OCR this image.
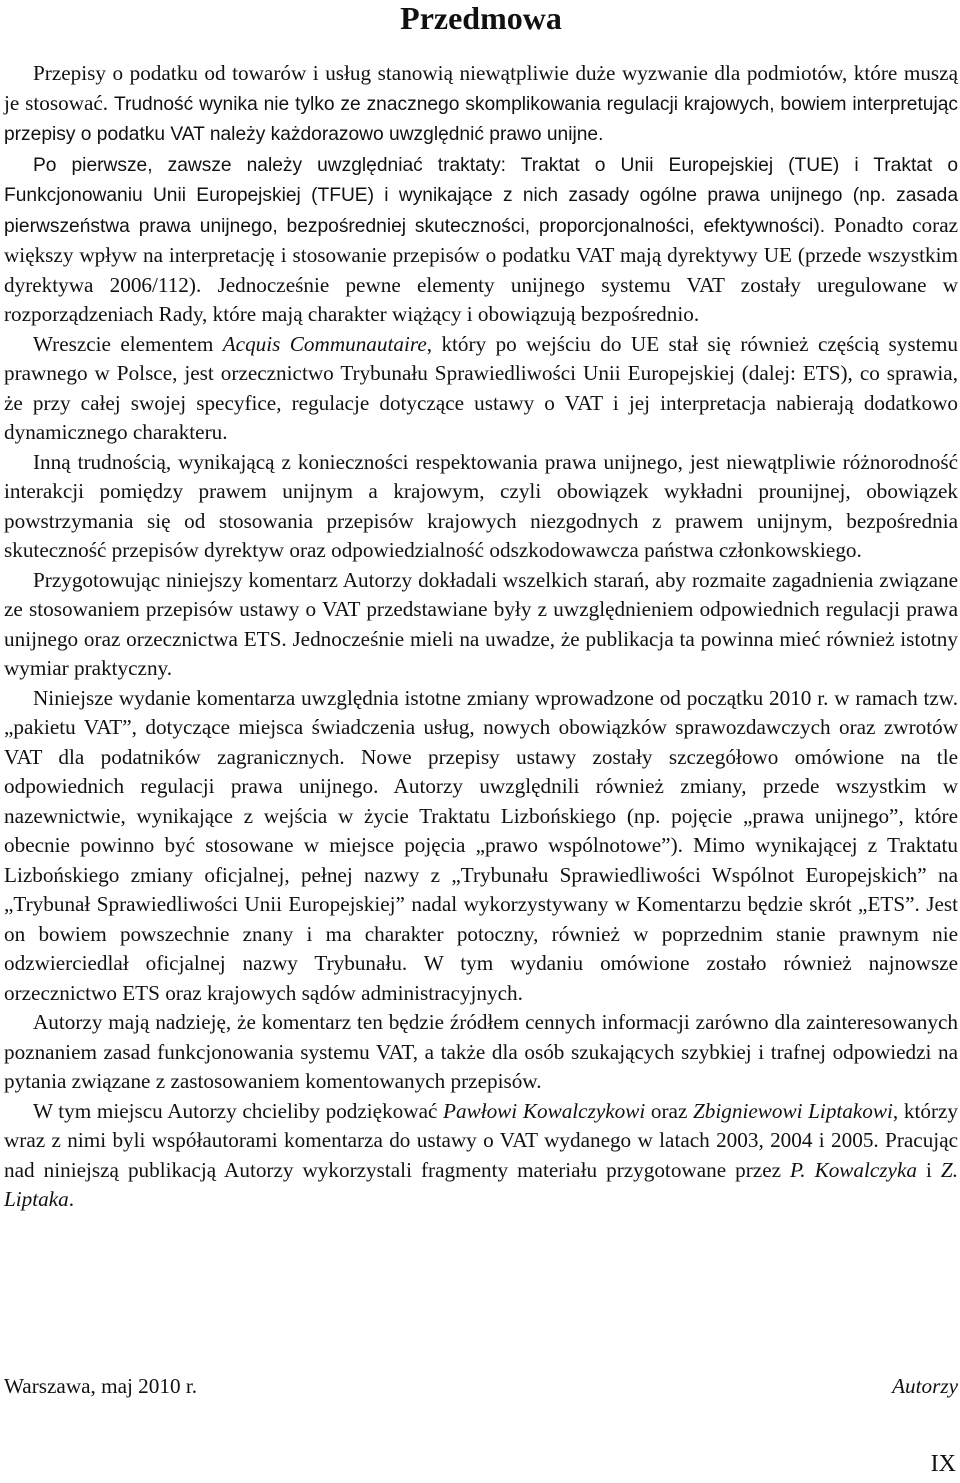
Przedmowa

Przepisy o podatku od towarów i usług stanowią niewątpliwie duże wyzwanie dla podmiotów, które muszą je stosować. Trudność wynika nie tylko ze znacznego skomplikowania regulacji krajowych, bowiem interpretując przepisy o podatku VAT należy każdorazowo uwzględnić prawo unijne.

Po pierwsze, zawsze należy uwzględniać traktaty: Traktat o Unii Europejskiej (TUE) i Traktat o Funkcjonowaniu Unii Europejskiej (TFUE) i wynikające z nich zasady ogólne prawa unijnego (np. zasada pierwszeństwa prawa unijnego, bezpośredniej skuteczności, proporcjonalności, efektywności). Ponadto coraz większy wpływ na interpretację i stosowanie przepisów o podatku VAT mają dyrektywy UE (przede wszystkim dyrektywa 2006/112). Jednocześnie pewne elementy unijnego systemu VAT zostały uregulowane w rozporządzeniach Rady, które mają charakter wiążący i obowiązują bezpośrednio.

Wreszcie elementem Acquis Communautaire, który po wejściu do UE stał się również częścią systemu prawnego w Polsce, jest orzecznictwo Trybunału Sprawiedliwości Unii Europejskiej (dalej: ETS), co sprawia, że przy całej swojej specyfice, regulacje dotyczące ustawy o VAT i jej interpretacja nabierają dodatkowo dynamicznego charakteru.

Inną trudnością, wynikającą z konieczności respektowania prawa unijnego, jest niewątpliwie różnorodność interakcji pomiędzy prawem unijnym a krajowym, czyli obowiązek wykładni prounijnej, obowiązek powstrzymania się od stosowania przepisów krajowych niezgodnych z prawem unijnym, bezpośrednia skuteczność przepisów dyrektyw oraz odpowiedzialność odszkodowawcza państwa członkowskiego.

Przygotowując niniejszy komentarz Autorzy dokładali wszelkich starań, aby rozmaite zagadnienia związane ze stosowaniem przepisów ustawy o VAT przedstawiane były z uwzględnieniem odpowiednich regulacji prawa unijnego oraz orzecznictwa ETS. Jednocześnie mieli na uwadze, że publikacja ta powinna mieć również istotny wymiar praktyczny.

Niniejsze wydanie komentarza uwzględnia istotne zmiany wprowadzone od początku 2010 r. w ramach tzw. „pakietu VAT”, dotyczące miejsca świadczenia usług, nowych obowiązków sprawozdawczych oraz zwrotów VAT dla podatników zagranicznych. Nowe przepisy ustawy zostały szczegółowo omówione na tle odpowiednich regulacji prawa unijnego. Autorzy uwzględnili również zmiany, przede wszystkim w nazewnictwie, wynikające z wejścia w życie Traktatu Lizbońskiego (np. pojęcie „prawa unijnego”, które obecnie powinno być stosowane w miejsce pojęcia „prawo wspólnotowe”). Mimo wynikającej z Traktatu Lizbońskiego zmiany oficjalnej, pełnej nazwy z „Trybunału Sprawiedliwości Wspólnot Europejskich” na „Trybunał Sprawiedliwości Unii Europejskiej” nadal wykorzystywany w Komentarzu będzie skrót „ETS”. Jest on bowiem powszechnie znany i ma charakter potoczny, również w poprzednim stanie prawnym nie odzwierciedlał oficjalnej nazwy Trybunału. W tym wydaniu omówione zostało również najnowsze orzecznictwo ETS oraz krajowych sądów administracyjnych.

Autorzy mają nadzieję, że komentarz ten będzie źródłem cennych informacji zarówno dla zainteresowanych poznaniem zasad funkcjonowania systemu VAT, a także dla osób szukających szybkiej i trafnej odpowiedzi na pytania związane z zastosowaniem komentowanych przepisów.

W tym miejscu Autorzy chcieliby podziękować Pawłowi Kowalczykowi oraz Zbigniewowi Liptakowi, którzy wraz z nimi byli współautorami komentarza do ustawy o VAT wydanego w latach 2003, 2004 i 2005. Pracując nad niniejszą publikacją Autorzy wykorzystali fragmenty materiału przygotowane przez P. Kowalczyka i Z. Liptaka.

Warszawa, maj 2010 r.	Autorzy
IX
